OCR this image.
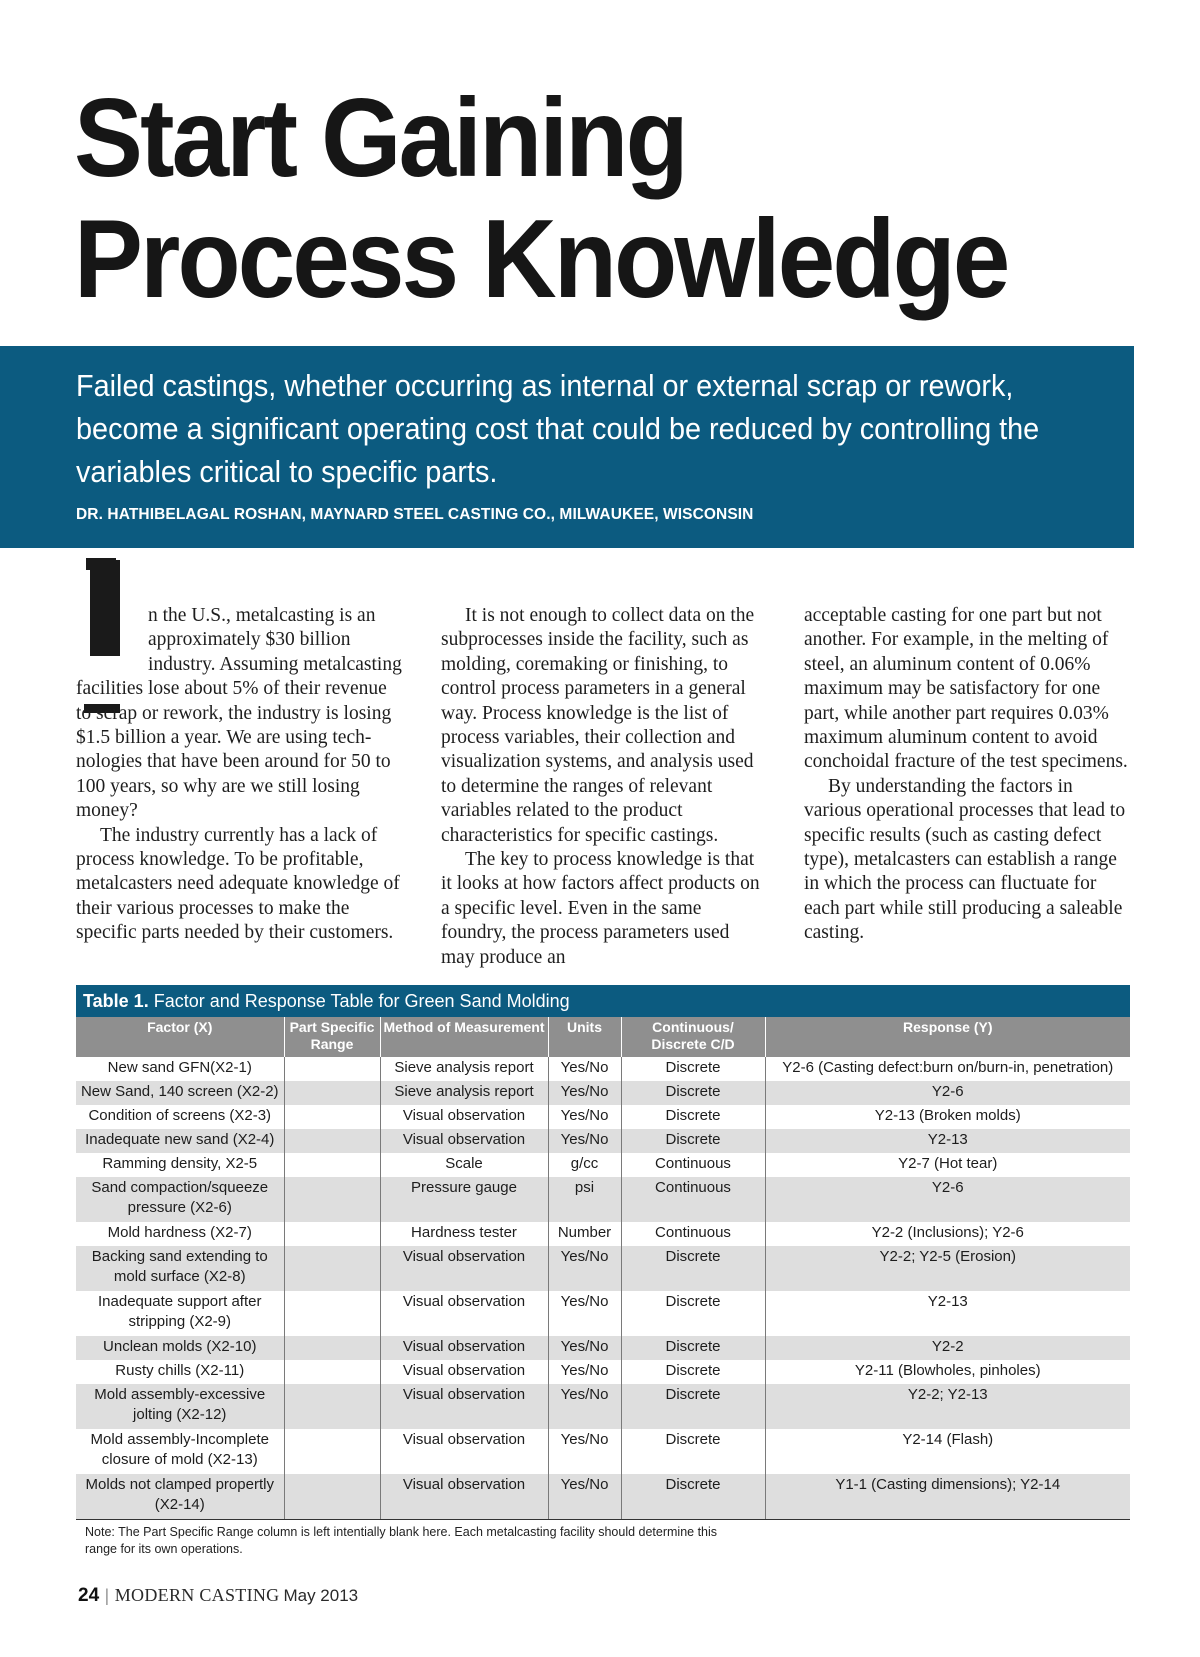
Start Gaining
Process Knowledge

Failed castings, whether occurring as internal or external scrap or rework, become a significant operating cost that could be reduced by controlling the variables critical to specific parts.

DR. HATHIBELAGAL ROSHAN, MAYNARD STEEL CASTING CO., MILWAUKEE, WISCONSIN

n the U.S., metalcasting is an approximately $30 billion industry. Assuming metalcasting facilities lose about 5% of their revenue to scrap or rework, the industry is losing $1.5 billion a year. We are using technologies that have been around for 50 to 100 years, so why are we still losing money?

The industry currently has a lack of process knowledge. To be profitable, metalcasters need adequate knowledge of their various processes to make the specific parts needed by their customers.

It is not enough to collect data on the subprocesses inside the facility, such as molding, coremaking or finishing, to control process parameters in a general way. Process knowledge is the list of process variables, their collection and visualization systems, and analysis used to determine the ranges of relevant variables related to the product characteristics for specific castings.

The key to process knowledge is that it looks at how factors affect products on a specific level. Even in the same foundry, the process parameters used may produce an

acceptable casting for one part but not another. For example, in the melting of steel, an aluminum content of 0.06% maximum may be satisfactory for one part, while another part requires 0.03% maximum aluminum content to avoid conchoidal fracture of the test specimens.

By understanding the factors in various operational processes that lead to specific results (such as casting defect type), metalcasters can establish a range in which the process can fluctuate for each part while still producing a saleable casting.

Table 1. Factor and Response Table for Green Sand Molding
Factor (X)	Part Specific Range	Method of Measurement	Units	Continuous/ Discrete C/D	Response (Y)
New sand GFN(X2-1)		Sieve analysis report	Yes/No	Discrete	Y2-6 (Casting defect:burn on/burn-in, penetration)
New Sand, 140 screen (X2-2)		Sieve analysis report	Yes/No	Discrete	Y2-6
Condition of screens (X2-3)		Visual observation	Yes/No	Discrete	Y2-13 (Broken molds)
Inadequate new sand (X2-4)		Visual observation	Yes/No	Discrete	Y2-13
Ramming density, X2-5		Scale	g/cc	Continuous	Y2-7 (Hot tear)
Sand compaction/squeeze pressure (X2-6)		Pressure gauge	psi	Continuous	Y2-6
Mold hardness (X2-7)		Hardness tester	Number	Continuous	Y2-2 (Inclusions); Y2-6
Backing sand extending to mold surface (X2-8)		Visual observation	Yes/No	Discrete	Y2-2; Y2-5 (Erosion)
Inadequate support after stripping (X2-9)		Visual observation	Yes/No	Discrete	Y2-13
Unclean molds (X2-10)		Visual observation	Yes/No	Discrete	Y2-2
Rusty chills (X2-11)		Visual observation	Yes/No	Discrete	Y2-11 (Blowholes, pinholes)
Mold assembly-excessive jolting (X2-12)		Visual observation	Yes/No	Discrete	Y2-2; Y2-13
Mold assembly-Incomplete closure of mold (X2-13)		Visual observation	Yes/No	Discrete	Y2-14 (Flash)
Molds not clamped propertly (X2-14)		Visual observation	Yes/No	Discrete	Y1-1 (Casting dimensions); Y2-14
Note: The Part Specific Range column is left intentially blank here. Each metalcasting facility should determine this range for its own operations.

24 | MODERN CASTING May 2013
